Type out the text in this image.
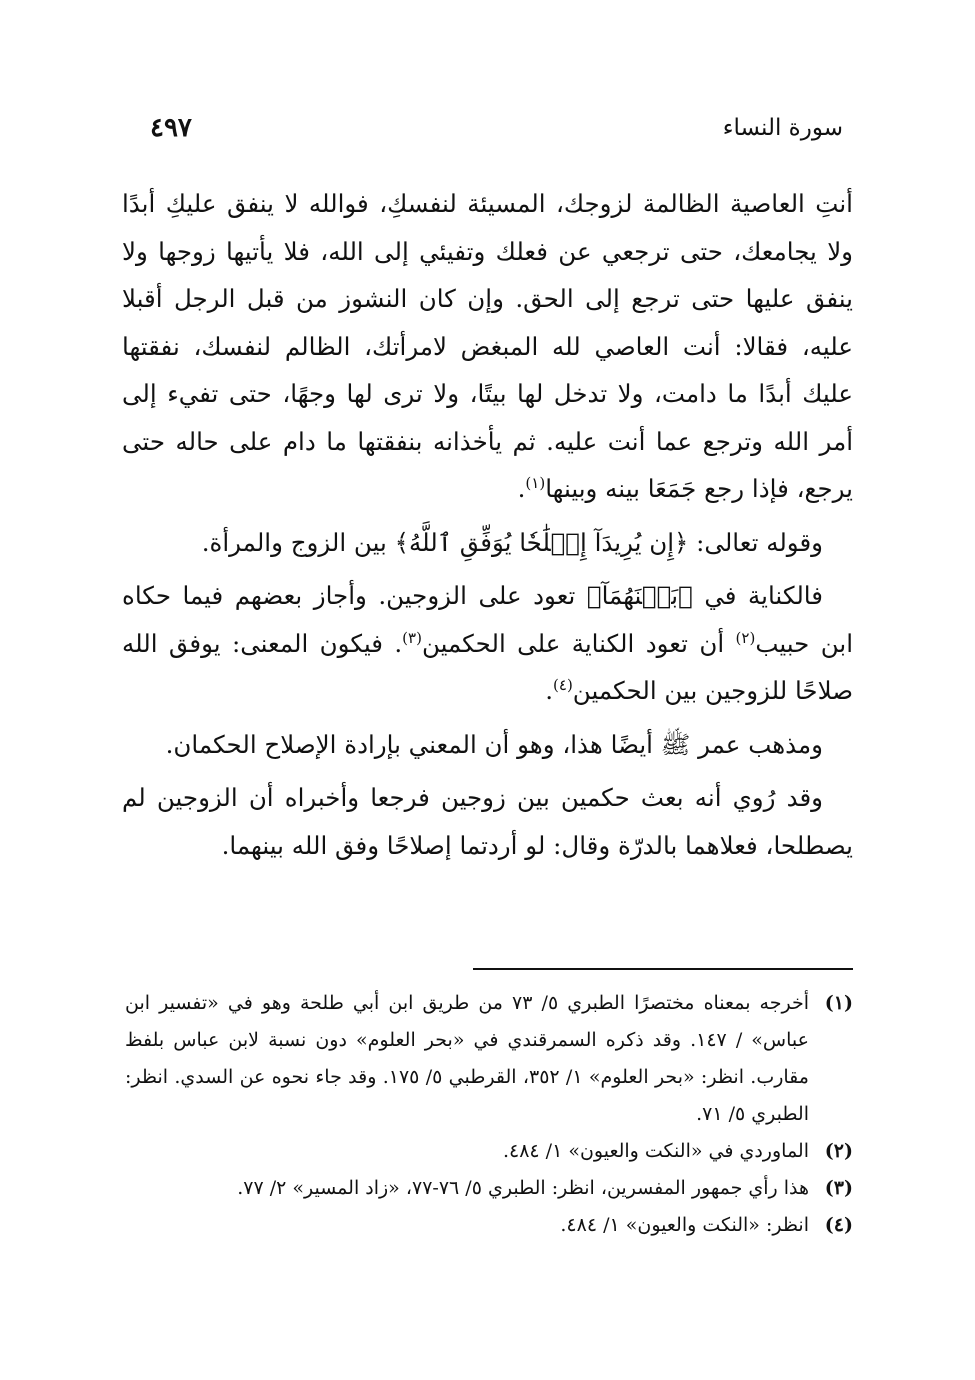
سورة النساء
٤٩٧

أنتِ العاصية الظالمة لزوجك، المسيئة لنفسكِ، فوالله لا ينفق عليكِ أبدًا ولا يجامعك، حتى ترجعي عن فعلك وتفيئي إلى الله، فلا يأتيها زوجها ولا ينفق عليها حتى ترجع إلى الحق. وإن كان النشوز من قبل الرجل أقبلا عليه، فقالا: أنت العاصي لله المبغض لامرأتك، الظالم لنفسك، نفقتها عليك أبدًا ما دامت، ولا تدخل لها بيتًا، ولا ترى لها وجهًا، حتى تفيء إلى أمر الله وترجع عما أنت عليه. ثم يأخذانه بنفقتها ما دام على حاله حتى يرجع، فإذا رجع جَمَعَا بينه وبينها$^{(١)}$.

وقوله تعالى: ﴿إِن يُرِيدَآ إِصۡلَٰحٗا يُوَفِّقِ ٱللَّهُ﴾ بين الزوج والمرأة.

فالكناية في ﴿بَيۡنَهُمَآ﴾ تعود على الزوجين. وأجاز بعضهم فيما حكاه ابن حبيب$^{(٢)}$ أن تعود الكناية على الحكمين$^{(٣)}$. فيكون المعنى: يوفق الله صلاحًا للزوجين بين الحكمين$^{(٤)}$.

ومذهب عمر ﷺ أيضًا هذا، وهو أن المعني بإرادة الإصلاح الحكمان.

وقد رُوي أنه بعث حكمين بين زوجين فرجعا وأخبراه أن الزوجين لم يصطلحا، فعلاهما بالدرّة وقال: لو أردتما إصلاحًا وفق الله بينهما.

(١)
أخرجه بمعناه مختصرًا الطبري ٥/ ٧٣ من طريق ابن أبي طلحة وهو في «تفسير ابن عباس» / ١٤٧. وقد ذكره السمرقندي في «بحر العلوم» دون نسبة لابن عباس بلفظ مقارب. انظر: «بحر العلوم» ١/ ٣٥٢، القرطبي ٥/ ١٧٥. وقد جاء نحوه عن السدي. انظر: الطبري ٥/ ٧١.
(٢)
الماوردي في «النكت والعيون» ١/ ٤٨٤.
(٣)
هذا رأي جمهور المفسرين، انظر: الطبري ٥/ ٧٦-٧٧، «زاد المسير» ٢/ ٧٧.
(٤)
انظر: «النكت والعيون» ١/ ٤٨٤.
